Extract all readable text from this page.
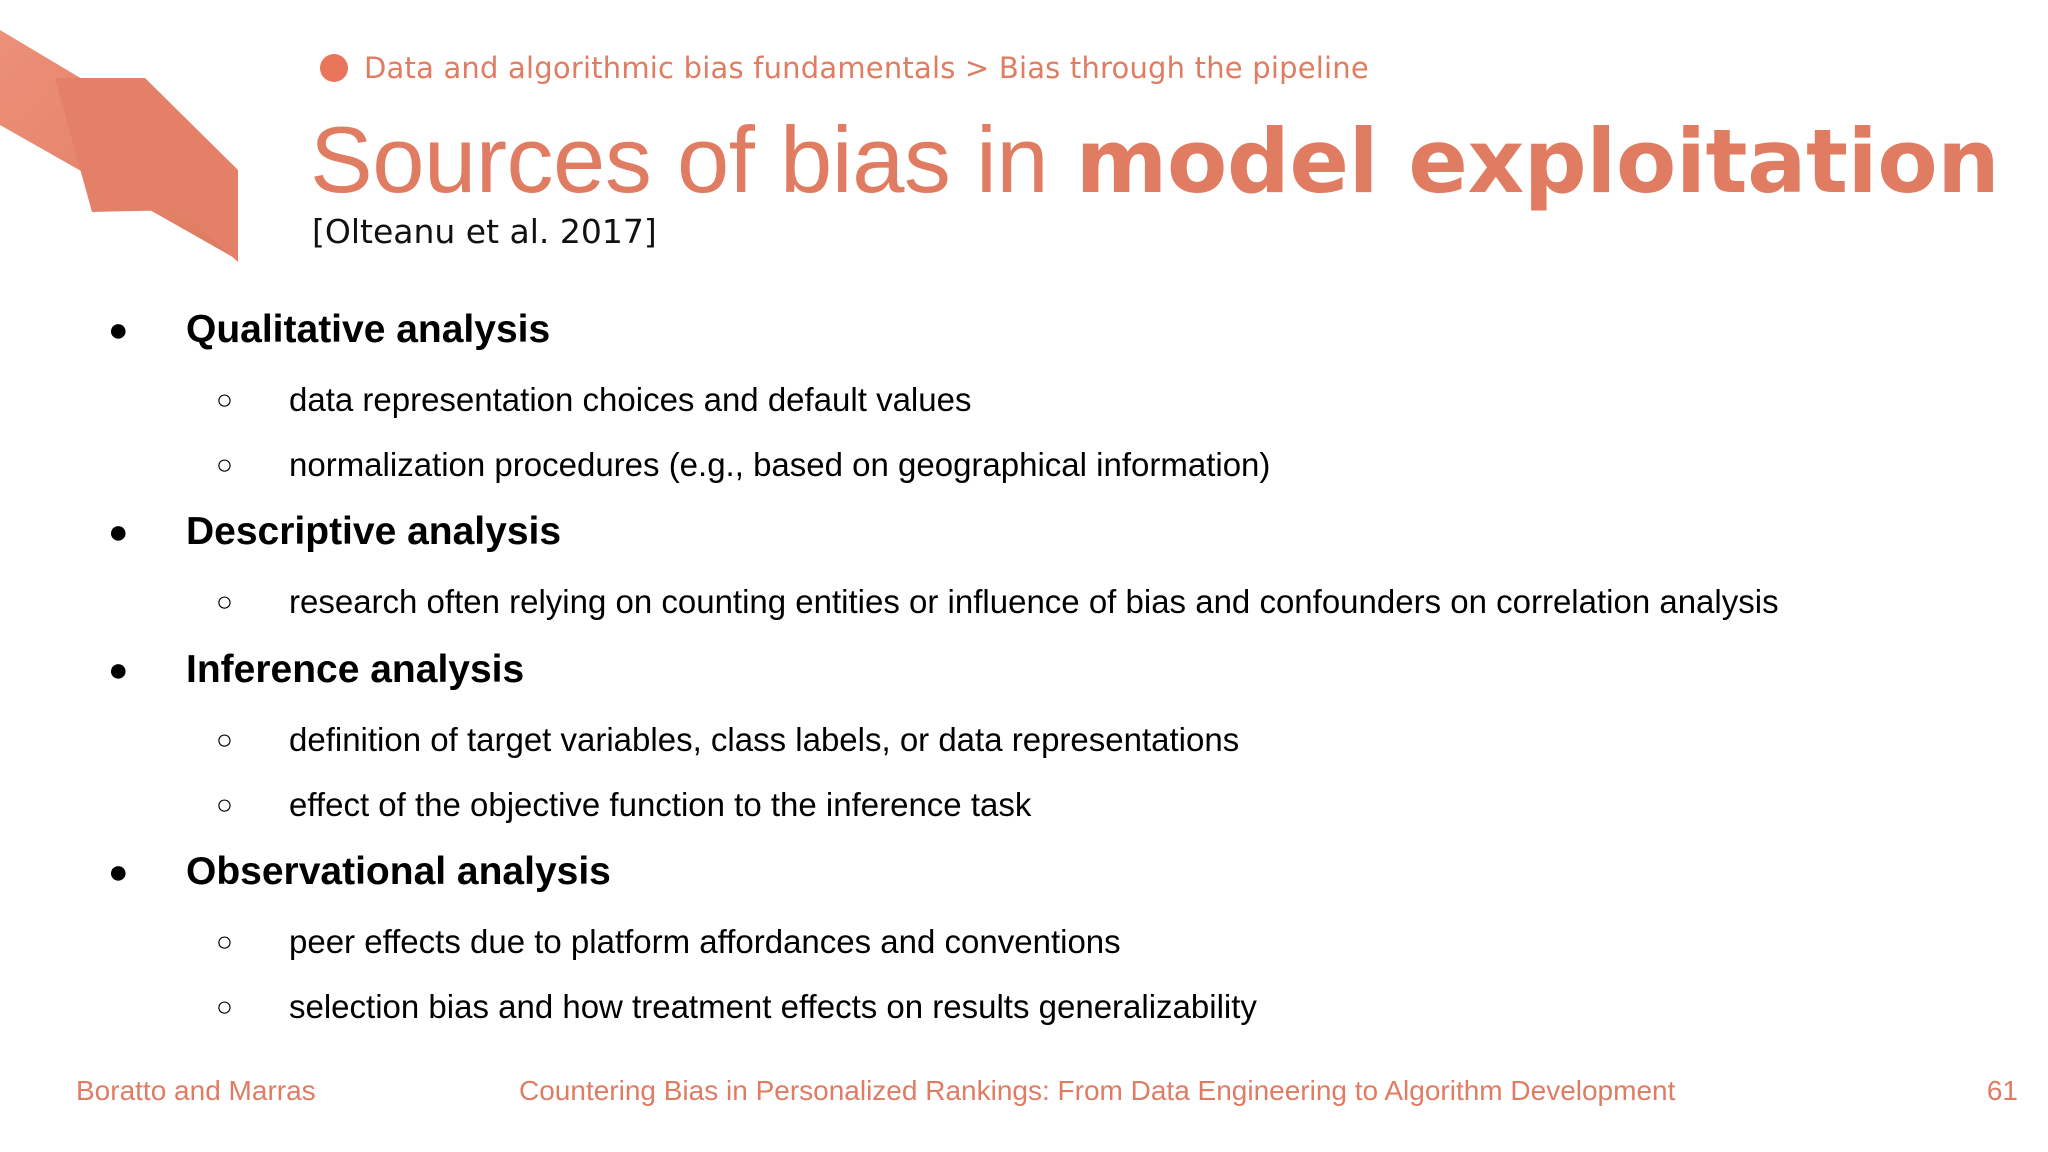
Data and algorithmic bias fundamentals > Bias through the pipeline
Sources of bias in model exploitation
[Olteanu et al. 2017]
● Qualitative analysis
○ data representation choices and default values
○ normalization procedures (e.g., based on geographical information)
● Descriptive analysis
○ research often relying on counting entities or influence of bias and confounders on correlation analysis
● Inference analysis
○ definition of target variables, class labels, or data representations
○ effect of the objective function to the inference task
● Observational analysis
○ peer effects due to platform affordances and conventions
○ selection bias and how treatment effects on results generalizability
Boratto and Marras	Countering Bias in Personalized Rankings: From Data Engineering to Algorithm Development	61
